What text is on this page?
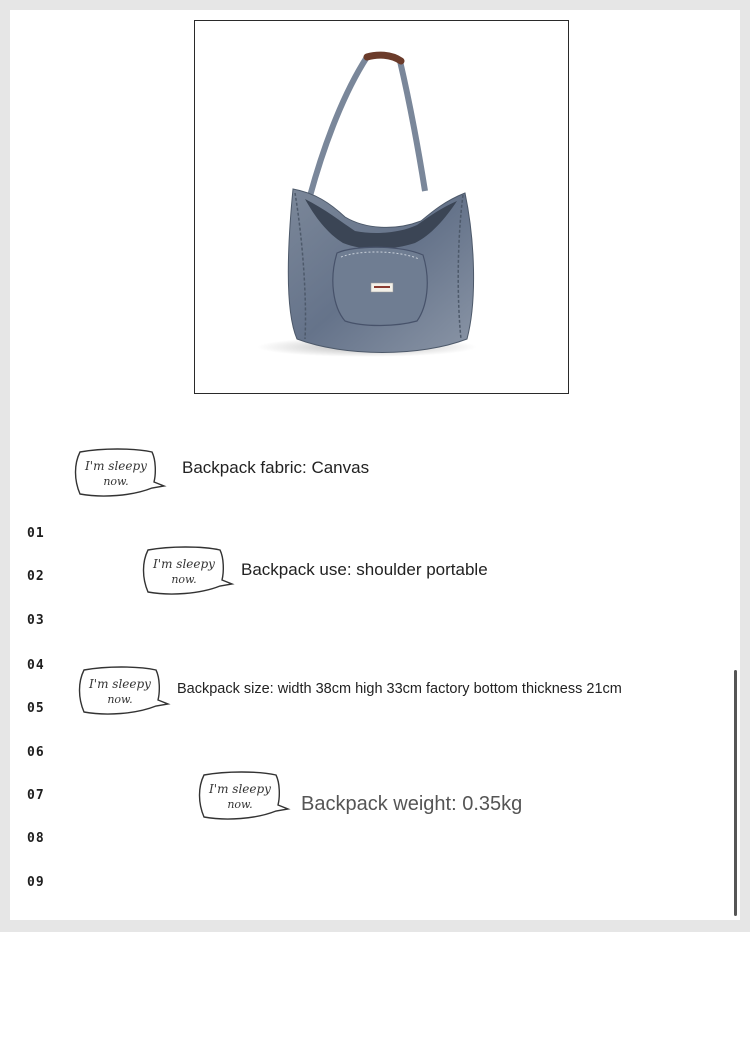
01
02
03
04
05
06
07
08
09
I'm sleepy
now.
Backpack fabric: Canvas
I'm sleepy
now.
Backpack use: shoulder portable
I'm sleepy
now.
Backpack size: width 38cm high 33cm factory bottom thickness 21cm
I'm sleepy
now. Backpack weight: 0.35kg
